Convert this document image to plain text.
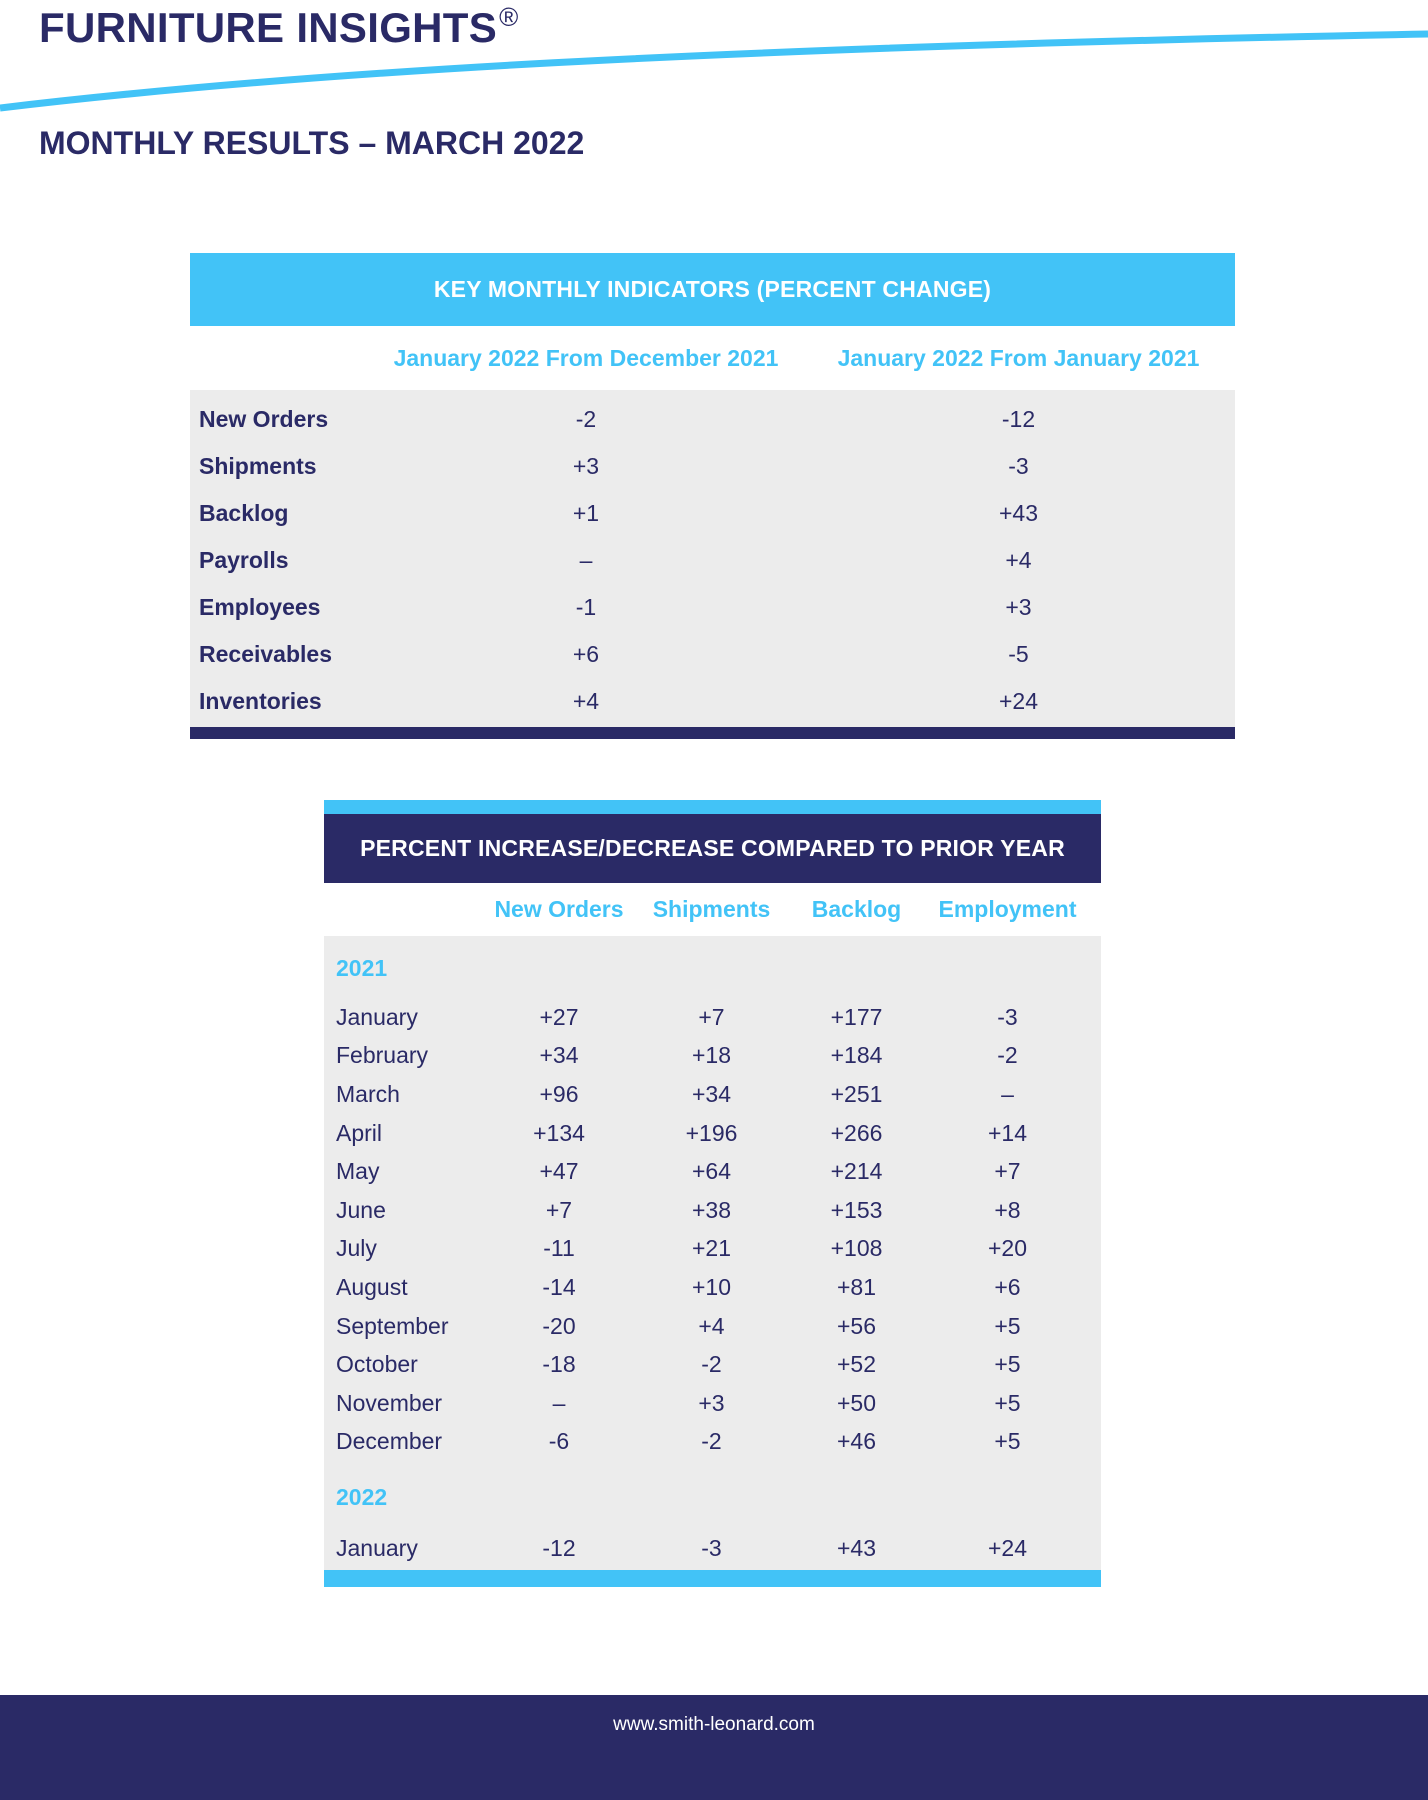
FURNITURE INSIGHTS®
MONTHLY RESULTS – MARCH 2022
KEY MONTHLY INDICATORS (PERCENT CHANGE)
January 2022 From December 2021	January 2022 From January 2021
New Orders	-2	-12
Shipments	+3	-3
Backlog	+1	+43
Payrolls	–	+4
Employees	-1	+3
Receivables	+6	-5
Inventories	+4	+24
PERCENT INCREASE/DECREASE COMPARED TO PRIOR YEAR
New Orders	Shipments	Backlog	Employment
2021
January	+27	+7	+177	-3
February	+34	+18	+184	-2
March	+96	+34	+251	–
April	+134	+196	+266	+14
May	+47	+64	+214	+7
June	+7	+38	+153	+8
July	-11	+21	+108	+20
August	-14	+10	+81	+6
September	-20	+4	+56	+5
October	-18	-2	+52	+5
November	–	+3	+50	+5
December	-6	-2	+46	+5
2022
January	-12	-3	+43	+24
www.smith-leonard.com
